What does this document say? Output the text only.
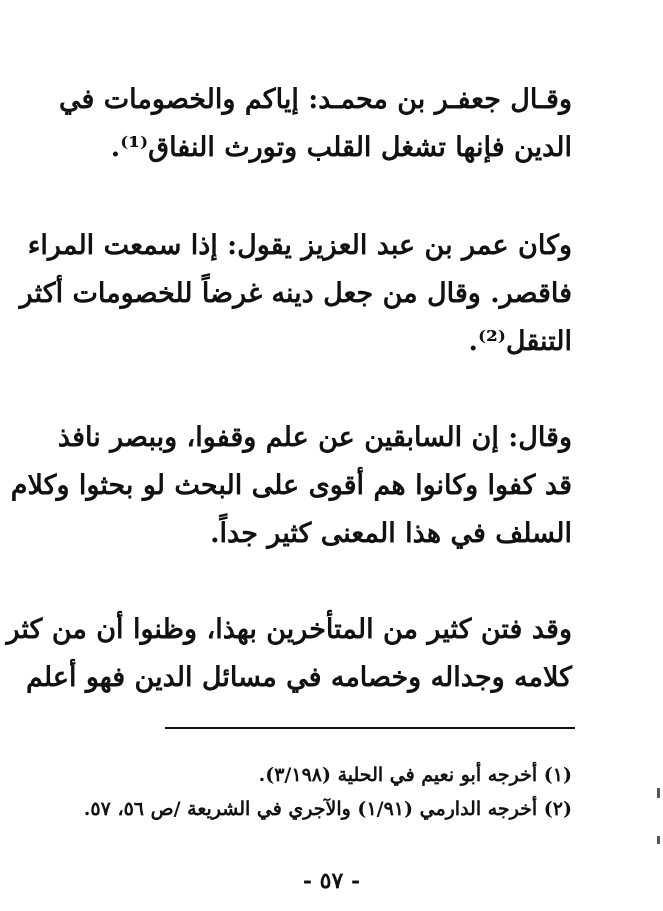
وقـال جعفـر بن محمـد: إياكم والخصومات في
الدين فإنها تشغل القلب وتورث النفاق⁽¹⁾.
وكان عمر بن عبد العزيز يقول: إذا سمعت المراء
فاقصر. وقال من جعل دينه غرضاً للخصومات أكثر
التنقل⁽²⁾.
وقال: إن السابقين عن علم وقفوا، وببصر نافذ
قد كفوا وكانوا هم أقوى على البحث لو بحثوا وكلام
السلف في هذا المعنى كثير جداً.
وقد فتن كثير من المتأخرين بهذا، وظنوا أن من كثر
كلامه وجداله وخصامه في مسائل الدين فهو أعلم
(١) أخرجه أبو نعيم في الحلية (٣/١٩٨).
(٢) أخرجه الدارمي (١/٩١) والآجري في الشريعة /ص ٥٦، ٥٧.
- ٥٧ -
